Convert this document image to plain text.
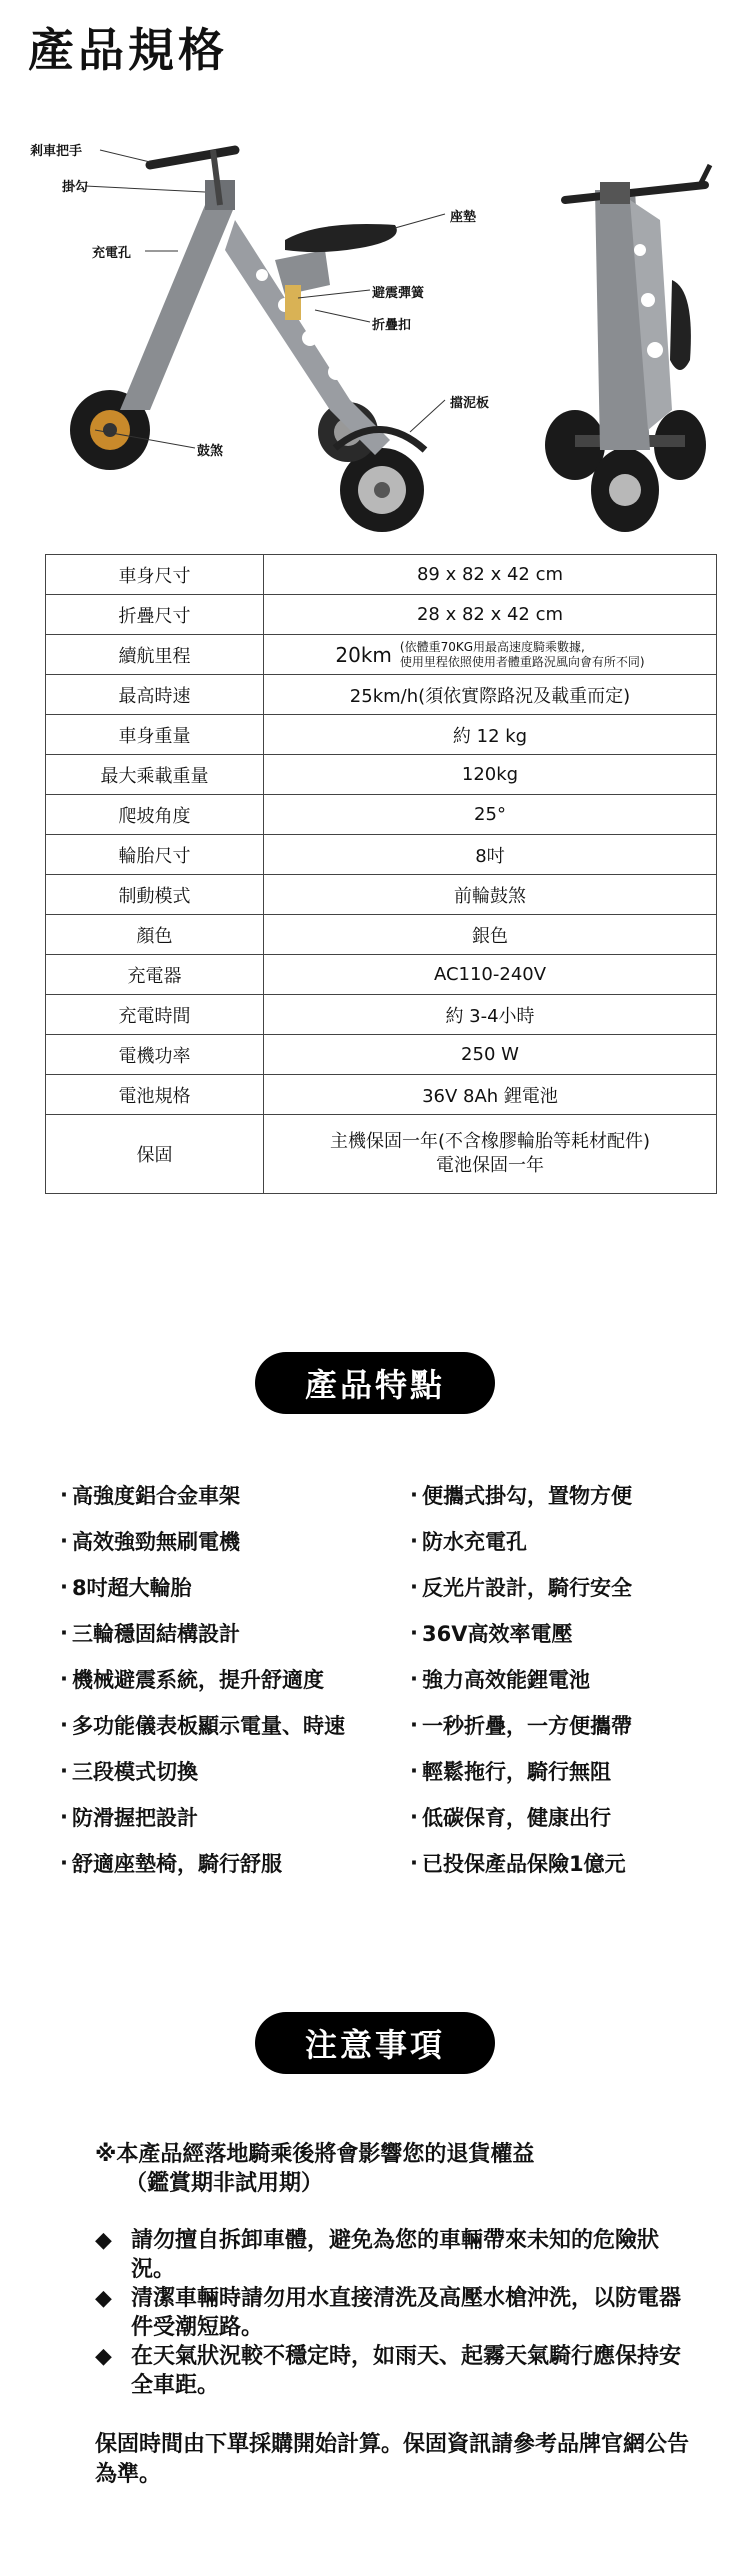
產品規格
剎車把手
掛勾
充電孔
鼓煞
座墊
避震彈簧
折疊扣
擋泥板
車身尺寸	89 x 82 x 42 cm
折疊尺寸	28 x 82 x 42 cm
續航里程	20km (依體重70KG用最高速度騎乘數據,
使用里程依照使用者體重路況風向會有所不同)

最高時速	25km/h(須依實際路況及載重而定)
車身重量	約 12 kg
最大乘載重量	120kg
爬坡角度	25°
輪胎尺寸	8吋
制動模式	前輪鼓煞
顏色	銀色
充電器	AC110-240V
充電時間	約 3-4小時
電機功率	250 W
電池規格	36V 8Ah 鋰電池
保固	主機保固一年(不含橡膠輪胎等耗材配件)
電池保固一年
產品特點
· 高強度鋁合金車架	· 便攜式掛勾，置物方便
· 高效強勁無刷電機	· 防水充電孔
· 8吋超大輪胎	· 反光片設計，騎行安全
· 三輪穩固結構設計	· 36V高效率電壓
· 機械避震系統，提升舒適度	· 強力高效能鋰電池
· 多功能儀表板顯示電量、時速	· 一秒折疊，一方便攜帶
· 三段模式切換	· 輕鬆拖行，騎行無阻
· 防滑握把設計	· 低碳保育，健康出行
· 舒適座墊椅，騎行舒服	· 已投保產品保險1億元
注意事項

※本產品經落地騎乘後將會影響您的退貨權益
（鑑賞期非試用期）

◆ 請勿擅自拆卸車體，避免為您的車輛帶來未知的危險狀況。
◆ 清潔車輛時請勿用水直接清洗及高壓水槍沖洗，以防電器件受潮短路。
◆ 在天氣狀況較不穩定時，如雨天、起霧天氣騎行應保持安全車距。

保固時間由下單採購開始計算。保固資訊請參考品牌官網公告為準。
